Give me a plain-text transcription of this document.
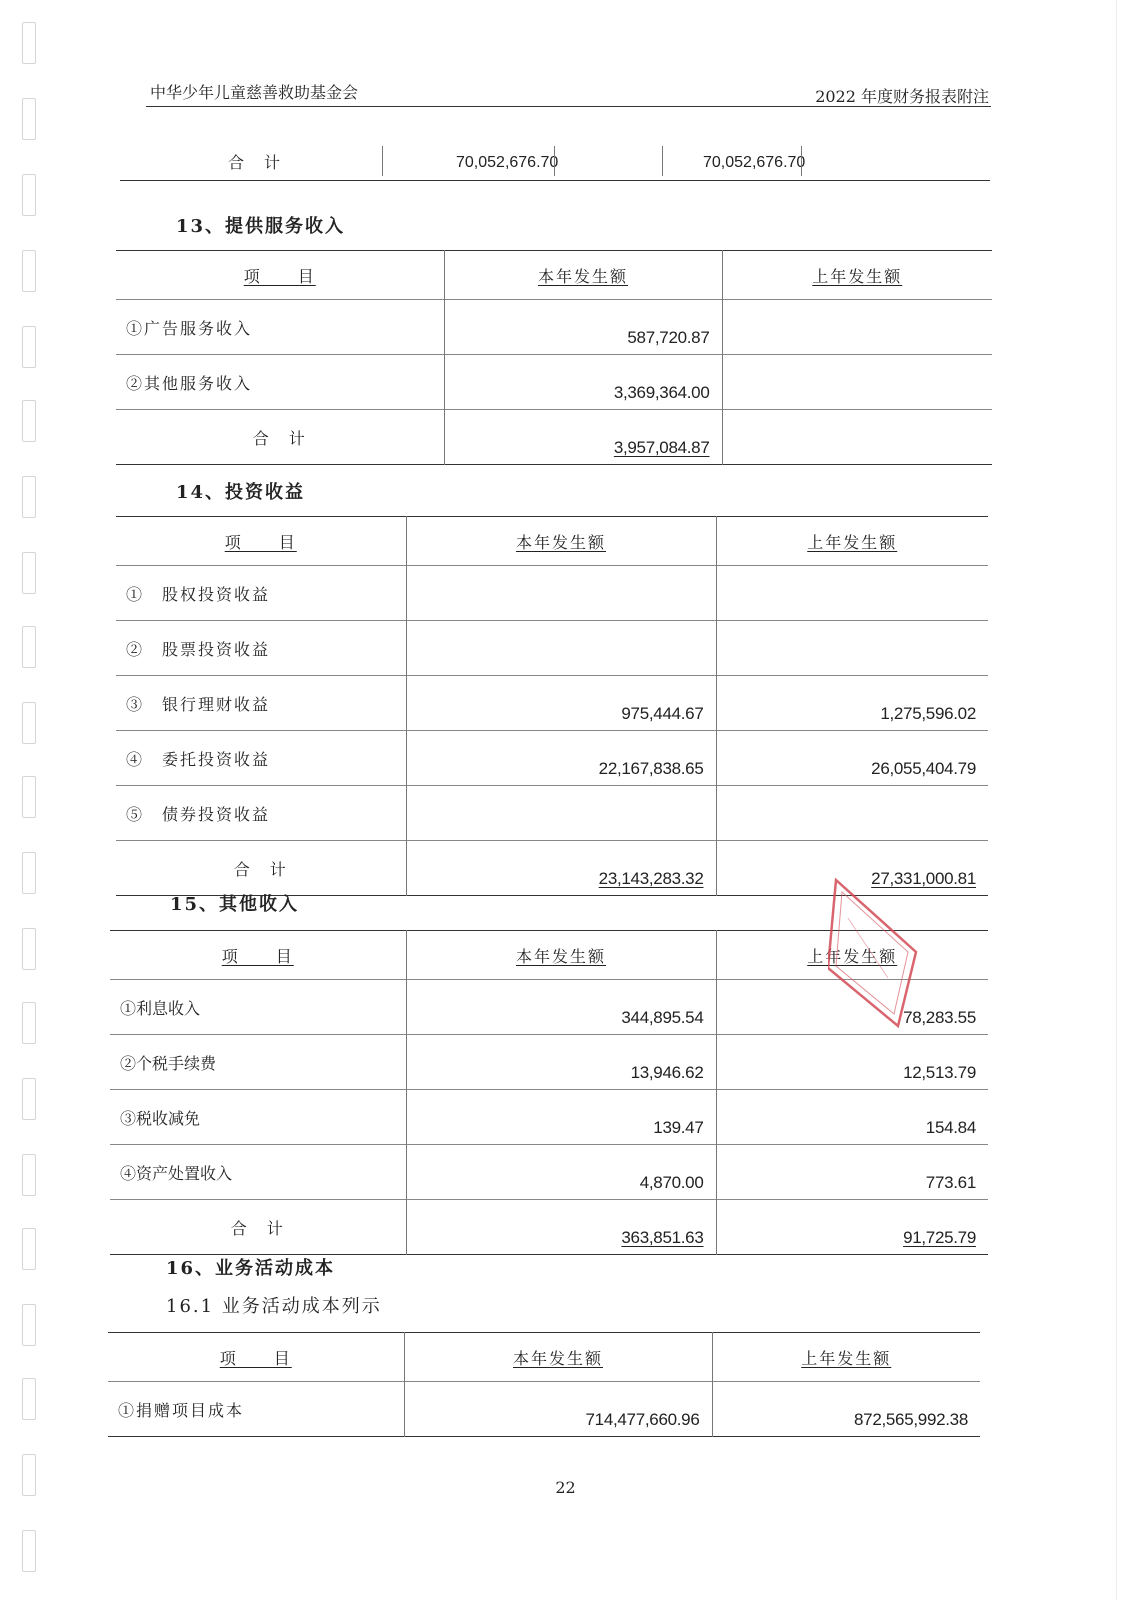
中华少年儿童慈善救助基金会	2022 年度财务报表附注
合　计	70,052,676.70	70,052,676.70
13、提供服务收入
项　　目	本年发生额	上年发生额
①广告服务收入	587,720.87	
②其他服务收入	3,369,364.00	
合　计	3,957,084.87	
14、投资收益
项　　目	本年发生额	上年发生额
①　股权投资收益		
②　股票投资收益		
③　银行理财收益	975,444.67	1,275,596.02
④　委托投资收益	22,167,838.65	26,055,404.79
⑤　债券投资收益		
合　计	23,143,283.32	27,331,000.81
15、其他收入
项　　目	本年发生额	上年发生额
①利息收入	344,895.54	78,283.55
②个税手续费	13,946.62	12,513.79
③税收减免	139.47	154.84
④资产处置收入	4,870.00	773.61
合　计	363,851.63	91,725.79
16、业务活动成本
16.1 业务活动成本列示
项　　目	本年发生额	上年发生额
①捐赠项目成本	714,477,660.96	872,565,992.38
22
